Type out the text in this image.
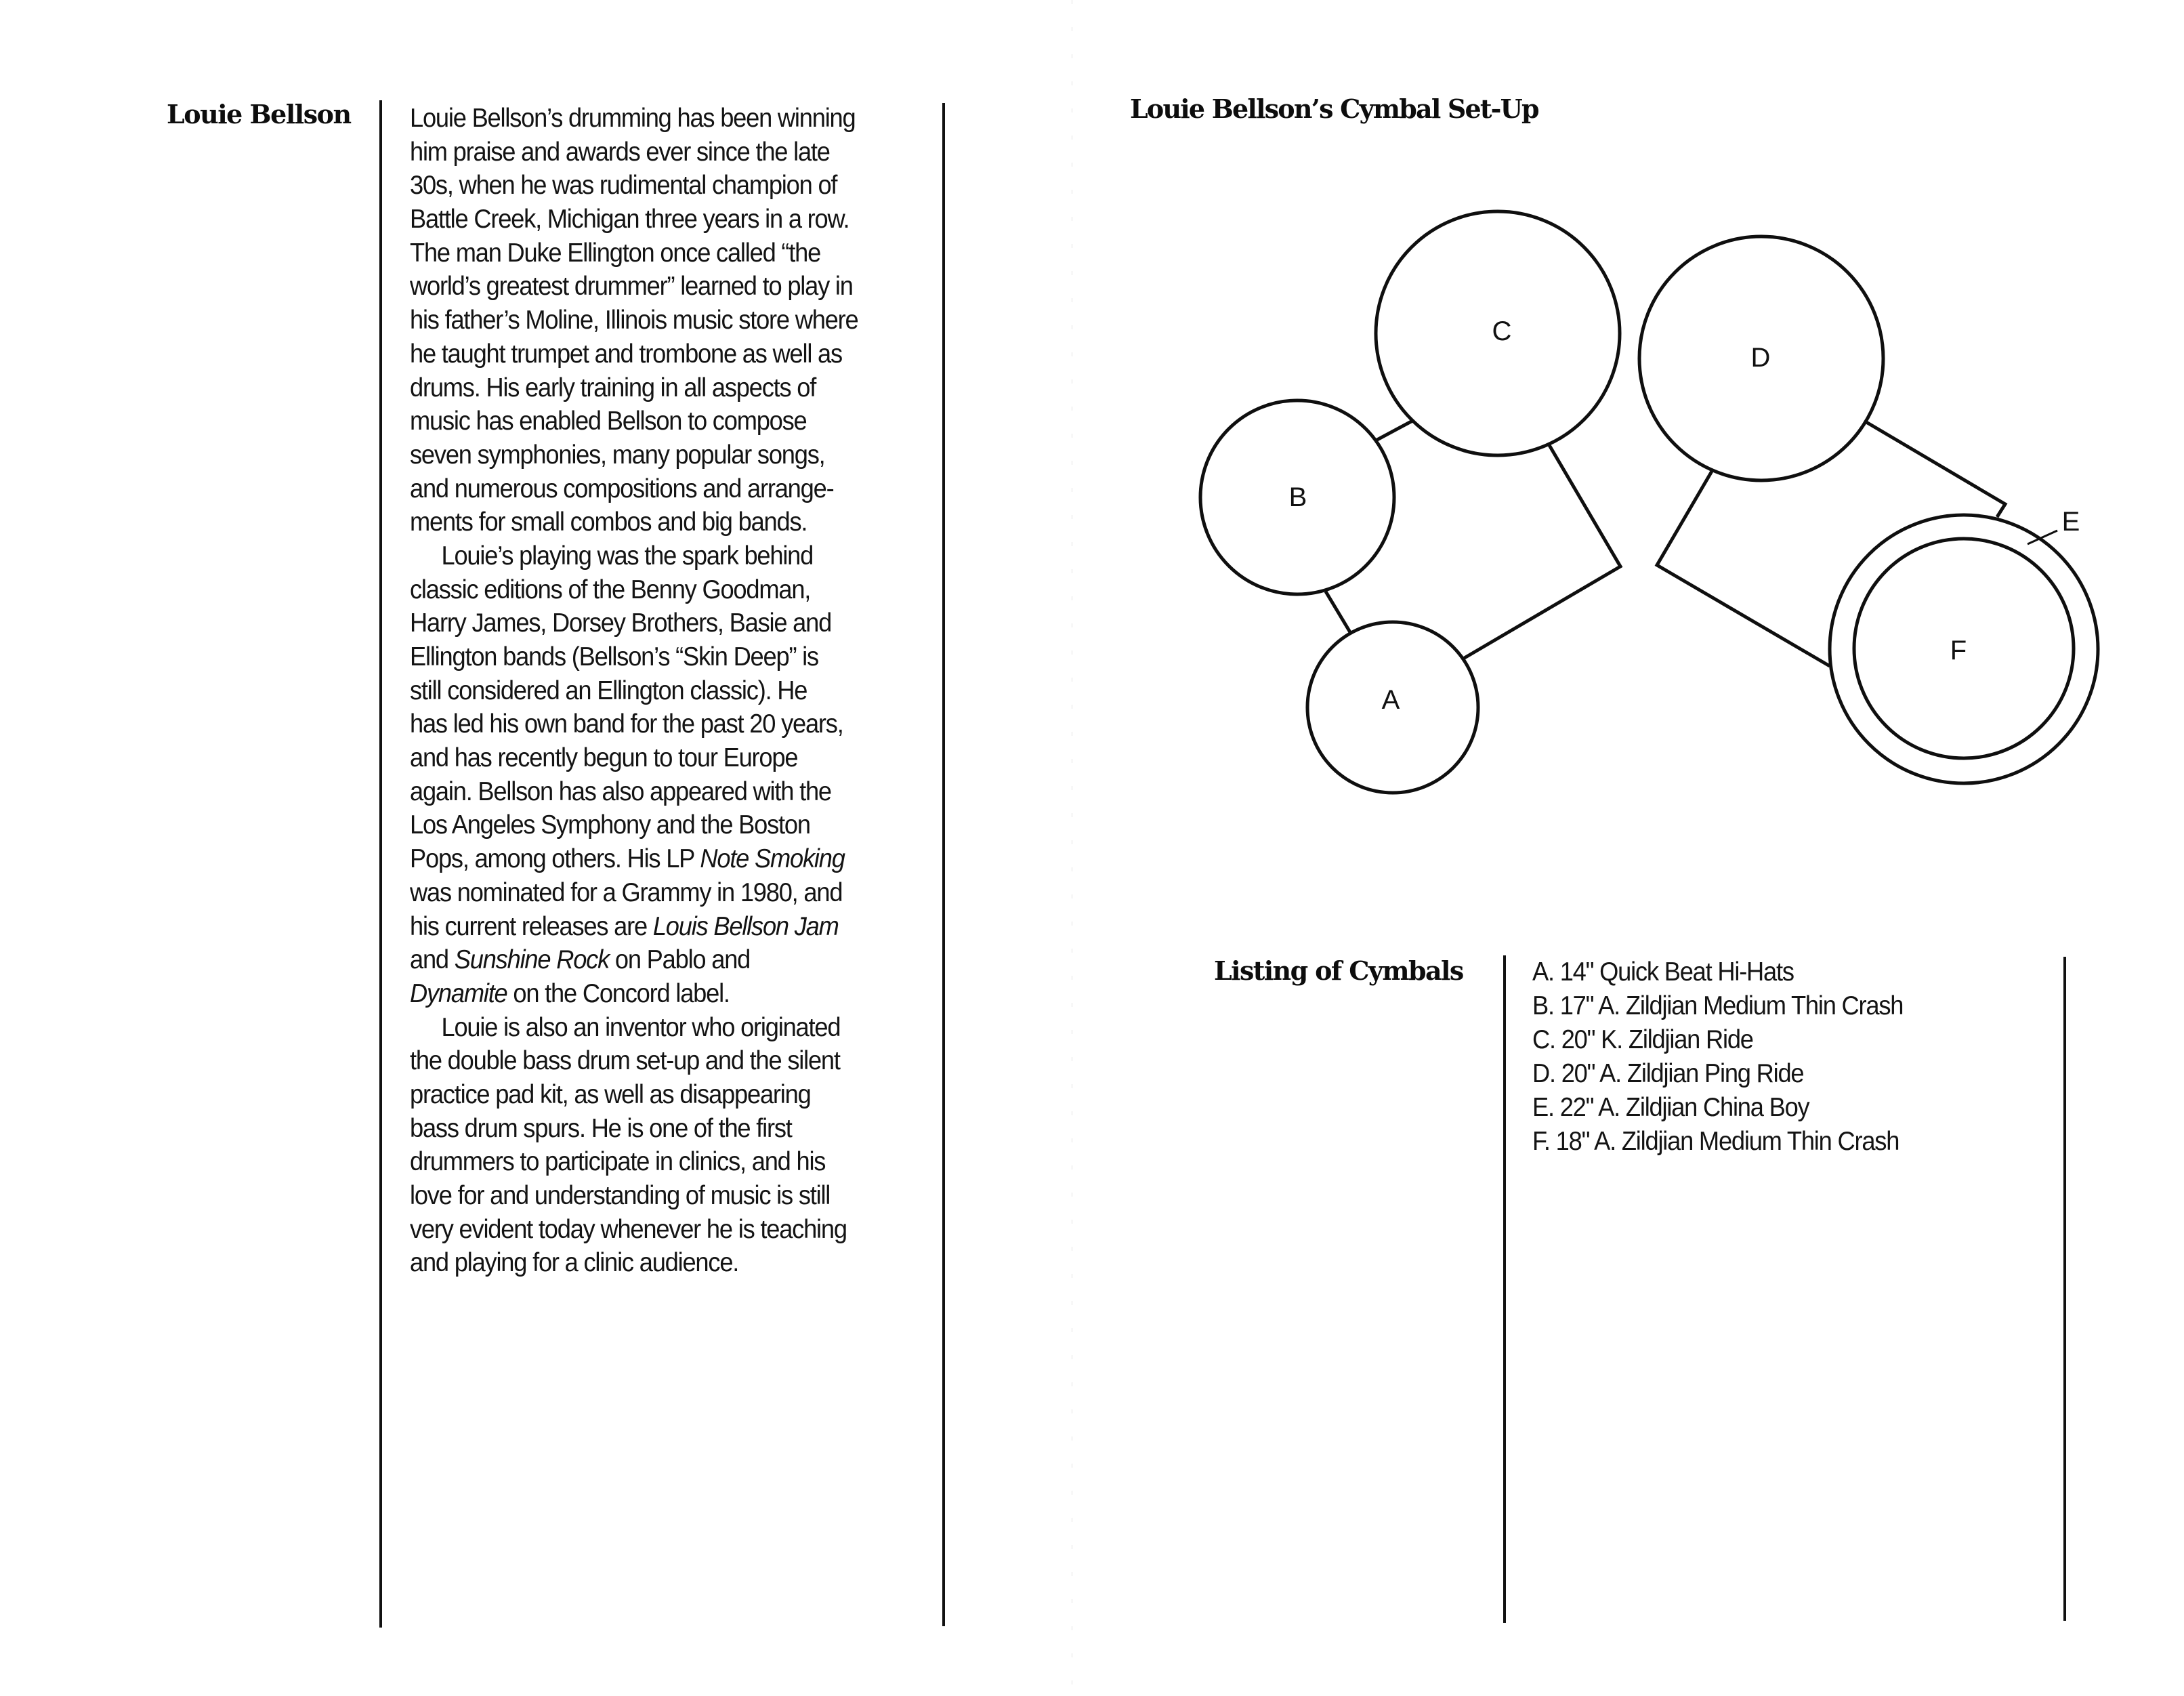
Louie Bellson Louie Bellson’s drumming has been winning
him praise and awards ever since the late
30s, when he was rudimental champion of
Battle Creek, Michigan three years in a row.
The man Duke Ellington once called “the
world’s greatest drummer” learned to play in
his father’s Moline, Illinois music store where
he taught trumpet and trombone as well as
drums. His early training in all aspects of
music has enabled Bellson to compose
seven symphonies, many popular songs,
and numerous compositions and arrange-
ments for small combos and big bands.
Louie’s playing was the spark behind
classic editions of the Benny Goodman,
Harry James, Dorsey Brothers, Basie and
Ellington bands (Bellson’s “Skin Deep” is
still considered an Ellington classic). He
has led his own band for the past 20 years,
and has recently begun to tour Europe
again. Bellson has also appeared with the
Los Angeles Symphony and the Boston
Pops, among others. His LP Note Smoking
was nominated for a Grammy in 1980, and
his current releases are Louis Bellson Jam
and Sunshine Rock on Pablo and
Dynamite on the Concord label.
Louie is also an inventor who originated
the double bass drum set-up and the silent
practice pad kit, as well as disappearing
bass drum spurs. He is one of the first
drummers to participate in clinics, and his
love for and understanding of music is still
very evident today whenever he is teaching
and playing for a clinic audience.
Louie Bellson’s Cymbal Set-Up
C
B
A
D
E
F
Listing of Cymbals	A. 14" Quick Beat Hi-Hats
B. 17" A. Zildjian Medium Thin Crash
C. 20" K. Zildjian Ride
D. 20" A. Zildjian Ping Ride
E. 22" A. Zildjian China Boy
F. 18" A. Zildjian Medium Thin Crash
